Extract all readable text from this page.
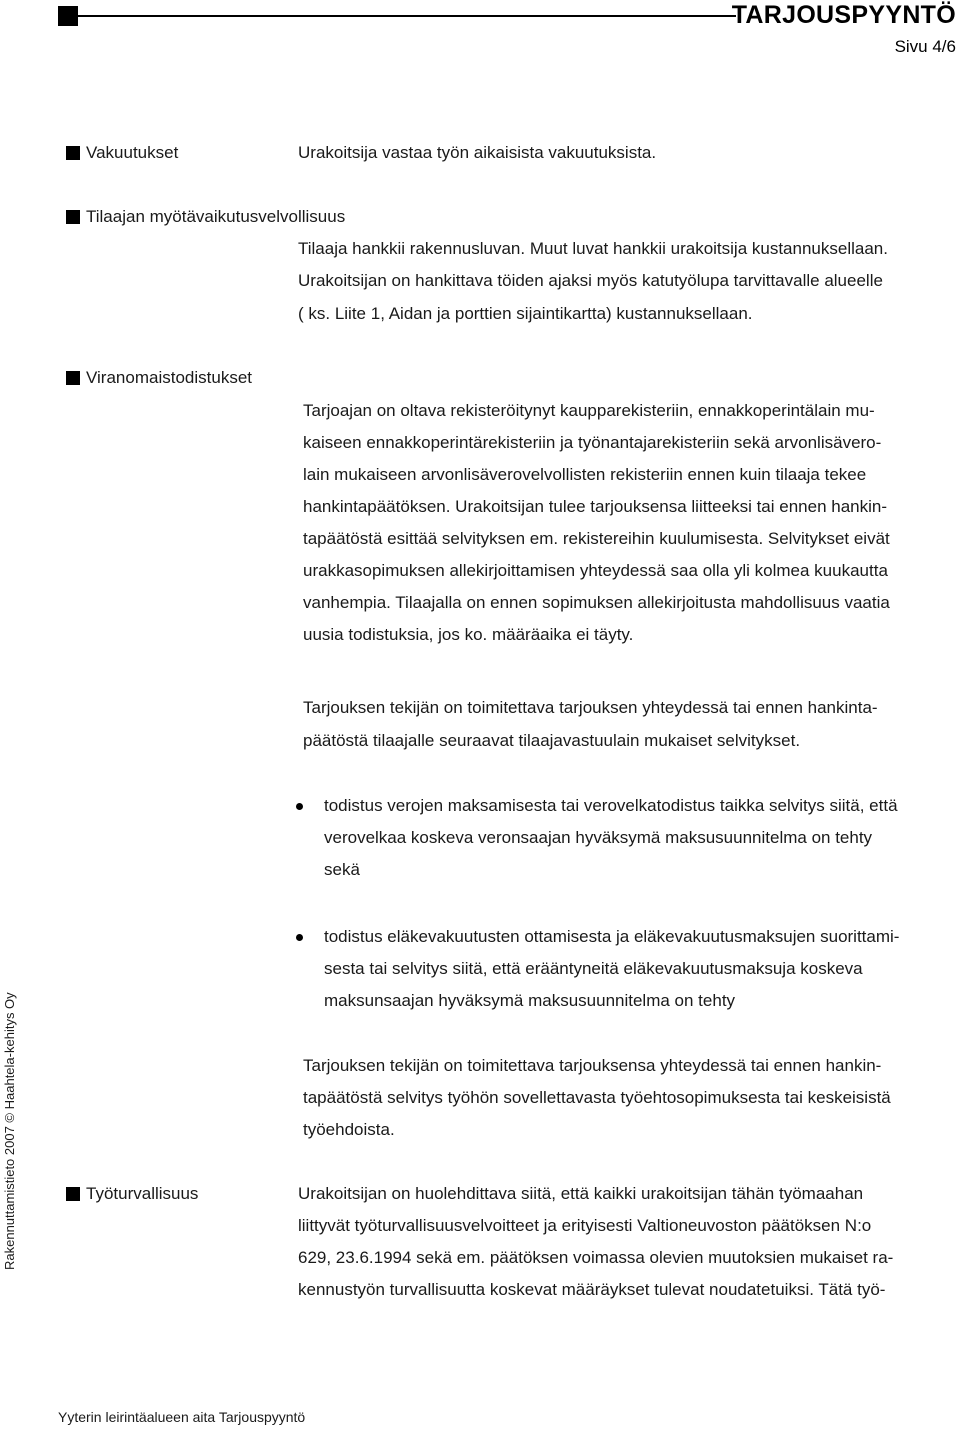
TARJOUSPYYNTÖ
Sivu 4/6
Vakuutukset	Urakoitsija vastaa työn aikaisista vakuutuksista.
Tilaajan myötävaikutusvelvollisuus
Tilaaja hankkii rakennusluvan. Muut luvat hankkii urakoitsija kustannuksellaan.
Urakoitsijan on hankittava töiden ajaksi myös katutyölupa tarvittavalle alueelle
( ks. Liite 1, Aidan ja porttien sijaintikartta) kustannuksellaan.
Viranomaistodistukset
Tarjoajan on oltava rekisteröitynyt kaupparekisteriin, ennakkoperintälain mu-
kaiseen ennakkoperintärekisteriin ja työnantajarekisteriin sekä arvonlisävero-
lain mukaiseen arvonlisäverovelvollisten rekisteriin ennen kuin tilaaja tekee
hankintapäätöksen. Urakoitsijan tulee tarjouksensa liitteeksi tai ennen hankin-
tapäätöstä esittää selvityksen em. rekistereihin kuulumisesta. Selvitykset eivät
urakkasopimuksen allekirjoittamisen yhteydessä saa olla yli kolmea kuukautta
vanhempia. Tilaajalla on ennen sopimuksen allekirjoitusta mahdollisuus vaatia
uusia todistuksia, jos ko. määräaika ei täyty.
Tarjouksen tekijän on toimitettava tarjouksen yhteydessä tai ennen hankinta-
päätöstä tilaajalle seuraavat tilaajavastuulain mukaiset selvitykset.
todistus verojen maksamisesta tai verovelkatodistus taikka selvitys siitä, että
verovelkaa koskeva veronsaajan hyväksymä maksusuunnitelma on tehty
sekä
todistus eläkevakuutusten ottamisesta ja eläkevakuutusmaksujen suorittami-
sesta tai selvitys siitä, että erääntyneitä eläkevakuutusmaksuja koskeva
maksunsaajan hyväksymä maksusuunnitelma on tehty
Tarjouksen tekijän on toimitettava tarjouksensa yhteydessä tai ennen hankin-
tapäätöstä selvitys työhön sovellettavasta työehtosopimuksesta tai keskeisistä
työehdoista.
Työturvallisuus	Urakoitsijan on huolehdittava siitä, että kaikki urakoitsijan tähän työmaahan
liittyvät työturvallisuusvelvoitteet ja erityisesti Valtioneuvoston päätöksen N:o
629, 23.6.1994 sekä em. päätöksen voimassa olevien muutoksien mukaiset ra-
kennustyön turvallisuutta koskevat määräykset tulevat noudatetuiksi. Tätä työ-
Rakennuttamistieto 2007 © Haahtela-kehitys Oy
Yyterin leirintäalueen aita Tarjouspyyntö
